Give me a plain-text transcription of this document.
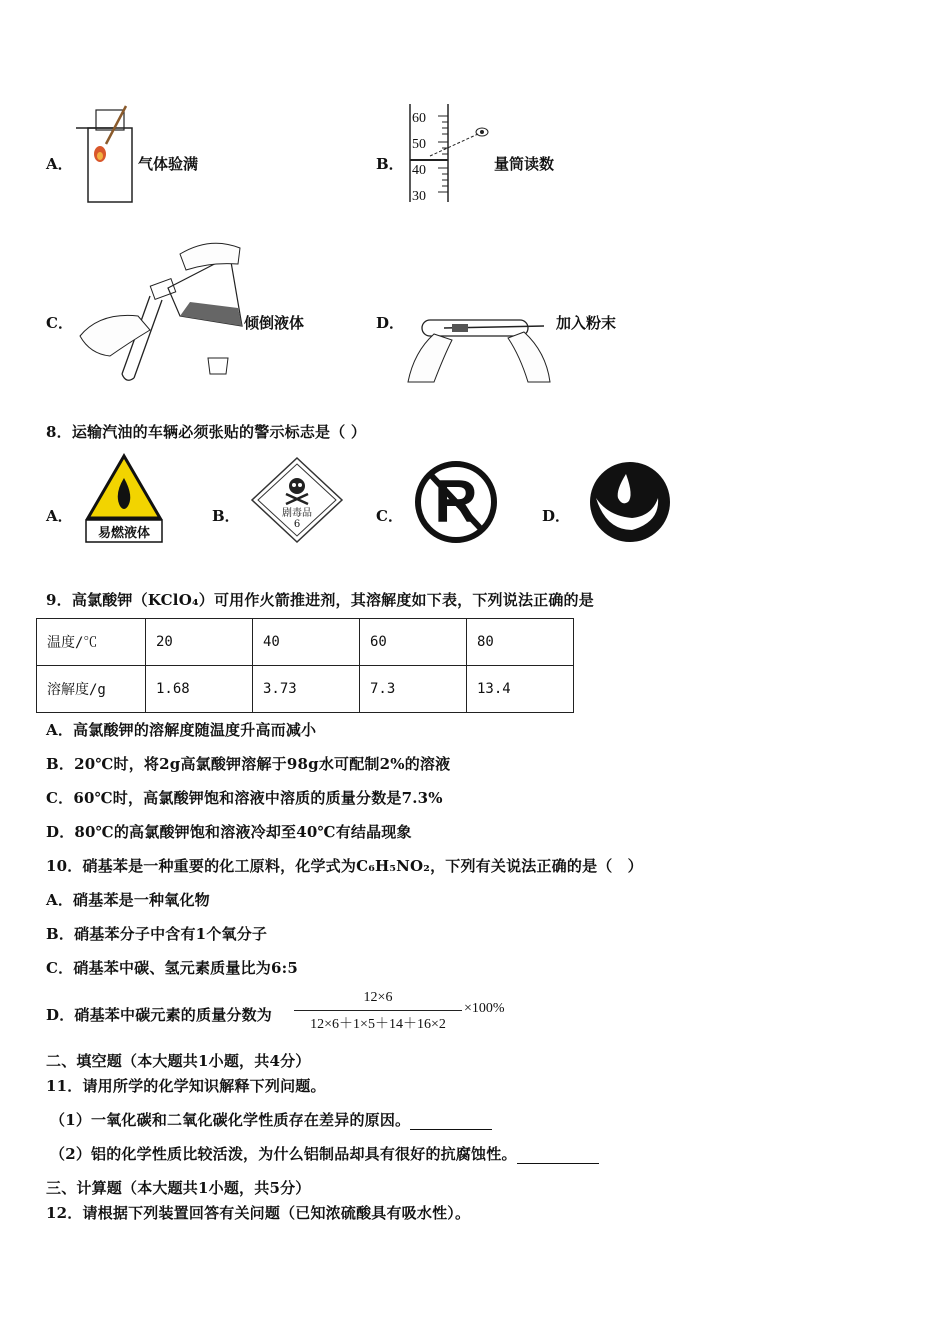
A．	气体验满	B．
60
50
40
30
量筒读数
C．	倾倒液体	D．	加入粉末
8．运输汽油的车辆必须张贴的警示标志是（ ）
A．
易燃液体
B．	剧毒品
6	C． R	D．
9．高氯酸钾（KClO₄）可用作火箭推进剂，其溶解度如下表，下列说法正确的是
温度/℃	20	40	60	80
溶解度/g	1.68	3.73	7.3	13.4
A．高氯酸钾的溶解度随温度升高而减小
B．20℃时，将2g高氯酸钾溶解于98g水可配制2%的溶液
C．60℃时，高氯酸钾饱和溶液中溶质的质量分数是7.3%
D．80℃的高氯酸钾饱和溶液冷却至40℃有结晶现象
10．硝基苯是一种重要的化工原料，化学式为C₆H₅NO₂，下列有关说法正确的是（　）
A．硝基苯是一种氧化物
B．硝基苯分子中含有1个氧分子
C．硝基苯中碳、氢元素质量比为6:5
D．硝基苯中碳元素的质量分数为
12×6
12×6＋1×5＋14＋16×2
×100%
二、填空题（本大题共1小题，共4分）
11．请用所学的化学知识解释下列问题。
（1）一氧化碳和二氧化碳化学性质存在差异的原因。
（2）铝的化学性质比较活泼，为什么铝制品却具有很好的抗腐蚀性。
三、计算题（本大题共1小题，共5分）
12．请根据下列装置回答有关问题（已知浓硫酸具有吸水性）。
